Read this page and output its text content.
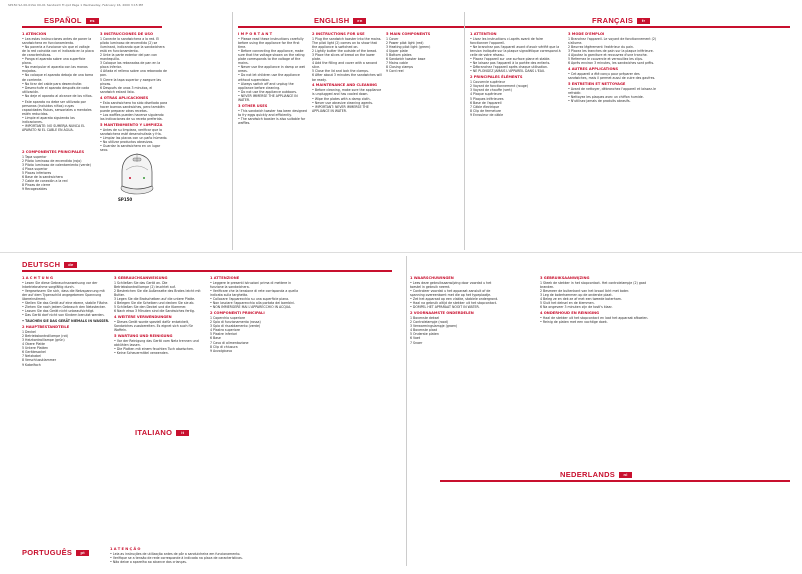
SP150 SA 00-01SA 00-01 Sandwich Fr.qxd Page 1 Wednesday, February 16, 2000 3:15 PM
SP150
ESPAÑOL es
1 ATENCION

• Lea estas instrucciones antes de poner la sandwichera en funcionamiento.
• No ponerla a funcionar sin que el voltaje de la red coincida con el indicado en la placa de características.
• Ponga el aparato sobre una superficie plana.
• No manipular el aparato con las manos mojadas.
• No coloque el aparato debajo de una toma de corriente.
• No tirar del cable para desenchufar.
• Desenchufe el aparato después de cada utilización.
• No deje el aparato al alcance de los niños.

• Este aparato no debe ser utilizado por personas (incluidos niños) cuyas capacidades físicas, sensoriales o mentales estén reducidas.
• Limpie el aparato siguiendo las indicaciones.
• IMPORTANTE: NO SUMERJA NUNCA EL APARATO NI EL CABLE EN AGUA.

2 COMPONENTES PRINCIPALES

1 Tapa superior
2 Piloto luminoso de encendido (rojo)
3 Piloto luminoso de calentamiento (verde)
4 Placa superior
5 Placas inferiores
6 Base de la sandwichera
7 Cable de conexión a la red
8 Pinzas de cierre
9 Recogecables

3 INSTRUCCIONES DE USO

1 Conecte la sandwichera a la red. El piloto luminoso de encendido (2) se iluminará, indicando que la sandwichera está en funcionamiento.
2 Unte la parte exterior del pan con mantequilla.
3 Coloque las rebanadas de pan en la placa inferior.
4 Añada el relleno sobre una rebanada de pan.
5 Cierre la tapa superior y asegure las pinzas.
6 Después de unos 3 minutos, el sandwich estará listo.

4 OTRAS APLICACIONES

• Esta sandwichera ha sido diseñada para hacer buenos sandwiches, pero también puede preparar otras recetas.
• Los waffles pueden hacerse siguiendo las indicaciones de su receta preferida.

5 MANTENIMIENTO Y LIMPIEZA

• Antes de su limpieza, verificar que la sandwichera esté desenchufada y fría.
• Limpiar las placas con un paño húmedo.
• No utilizar productos abrasivos.
• Guardar la sandwichera en un lugar seco.

ENGLISH en
I M P O R T A N T

• Please read these instructions carefully before using the appliance for the first time.
• Before connecting the appliance, make sure that the voltage shown on the rating plate corresponds to the voltage of the mains.
• Never use the appliance in damp or wet areas.
• Do not let children use the appliance without supervision.
• Always switch off and unplug the appliance before cleaning.
• Do not use the appliance outdoors.
• NEVER IMMERSE THE APPLIANCE IN WATER.

3 OTHER USES

• This sandwich toaster has been designed to fry eggs quickly and efficiently.
• The sandwich toaster is also suitable for waffles.

2 INSTRUCTIONS FOR USE

1 Plug the sandwich toaster into the mains. The pilot light (2) comes on to show that the appliance is switched on.
2 Lightly butter the outside of the bread.
3 Place the slices of bread on the lower plate.
4 Add the filling and cover with a second slice.
5 Close the lid and lock the clamps.
6 After about 3 minutes the sandwiches will be ready.

4 MAINTENANCE AND CLEANING

• Before cleaning, make sure the appliance is unplugged and has cooled down.
• Wipe the plates with a damp cloth.
• Never use abrasive cleaning agents.
• IMPORTANT: NEVER IMMERSE THE APPLIANCE IN WATER.

5 MAIN COMPONENTS

1 Cover
2 Power pilot light (red)
3 Heating pilot light (green)
4 Upper plate
5 Bottom plates
6 Sandwich toaster base
7 Mains cable
8 Closing clamps
9 Cord reel

FRANÇAIS fr
1 ATTENTION

• Lisez les instructions ci-après avant de faire fonctionner l'appareil.
• Ne branchez pas l'appareil avant d'avoir vérifié que la tension indiquée sur la plaque signalétique correspond à celle de votre réseau.
• Placez l'appareil sur une surface plane et stable.
• Ne laissez pas l'appareil à la portée des enfants.
• Débranchez l'appareil après chaque utilisation.
• NE PLONGEZ JAMAIS L'APPAREIL DANS L'EAU.

2 PRINCIPALES ÉLÉMENTS

1 Couvercle supérieur
2 Voyant de fonctionnement (rouge)
3 Voyant de chauffe (vert)
4 Plaque supérieure
5 Plaques inférieures
6 Base de l'appareil
7 Câble électrique
8 Clip de fermeture
9 Enrouleur de câble

3 MODE D'EMPLOI

1 Branchez l'appareil. Le voyant de fonctionnement (2) s'allume.
2 Beurrez légèrement l'extérieur du pain.
3 Placez les tranches de pain sur la plaque inférieure.
4 Ajoutez la garniture et recouvrez d'une tranche.
5 Refermez le couvercle et verrouillez les clips.
6 Après environ 3 minutes, les sandwiches sont prêts.

4 AUTRES APPLICATIONS

• Cet appareil a été conçu pour préparer des sandwiches, mais il permet aussi de cuire des gaufres.

5 ENTRETIEN ET NETTOYAGE

• Avant de nettoyer, débranchez l'appareil et laissez-le refroidir.
• Nettoyez les plaques avec un chiffon humide.
• N'utilisez jamais de produits abrasifs.

DEUTSCH de
1 A C H T U N G

• Lesen Sie diese Gebrauchsanweisung vor der Inbetriebnahme sorgfältig durch.
• Vergewissern Sie sich, dass die Netzspannung mit der auf dem Typenschild angegebenen Spannung übereinstimmt.
• Stellen Sie das Gerät auf eine ebene, stabile Fläche.
• Ziehen Sie nach jedem Gebrauch den Netzstecker.
• Lassen Sie das Gerät nicht unbeaufsichtigt.
• Das Gerät darf nicht von Kindern benutzt werden.

• TAUCHEN SIE DAS GERÄT NIEMALS IN WASSER.

2 HAUPTBESTANDTEILE

1 Deckel
2 Betriebskontrolllampe (rot)
3 Heizkontrolllampe (grün)
4 Obere Platte
5 Untere Platten
6 Gerätesockel
7 Netzkabel
8 Verschlussklammer
9 Kabelfach

3 GEBRAUCHSANWEISUNG

1 Schließen Sie das Gerät an. Die Betriebskontrolllampe (2) leuchtet auf.
2 Bestreichen Sie die Außenseite des Brotes leicht mit Butter.
3 Legen Sie die Brotscheiben auf die untere Platte.
4 Belegen Sie die Scheiben und decken Sie sie ab.
5 Schließen Sie den Deckel und die Klammer.
6 Nach etwa 3 Minuten sind die Sandwiches fertig.

4 WEITERE VERWENDUNGEN

• Dieses Gerät wurde speziell dafür entwickelt, Sandwiches zuzubereiten. Es eignet sich auch für Waffeln.

5 WARTUNG UND REINIGUNG

• Vor der Reinigung das Gerät vom Netz trennen und abkühlen lassen.
• Die Platten mit einem feuchten Tuch abwischen.
• Keine Scheuermittel verwenden.

ITALIANO it
1 ATTENZIONE

• Leggere le presenti istruzioni prima di mettere in funzione la sandwichera.
• Verificare che la tensione di rete corrisponda a quella indicata sulla targhetta.
• Collocare l'apparecchio su una superficie piana.
• Non lasciare l'apparecchio alla portata dei bambini.
• NON IMMERGERE MAI L'APPARECCHIO IN ACQUA.

2 COMPONENTI PRINCIPALI

1 Coperchio superiore
2 Spia di funzionamento (rossa)
3 Spia di riscaldamento (verde)
4 Piastra superiore
5 Piastre inferiori
6 Base
7 Cavo di alimentazione
8 Clip di chiusura
9 Avvolgicavo

NEDERLANDS nl
1 WAARSCHUWINGEN

• Lees deze gebruiksaanwijzing door voordat u het toestel in gebruik neemt.
• Controleer voordat u het apparaat aansluit of de spanning overeenkomt met die op het typeplaatje.
• Zet het apparaat op een vlakke, stabiele ondergrond.
• Haal na gebruik altijd de stekker uit het stopcontact.
• DOMPEL HET APPARAAT NOOIT IN WATER.

2 VOORNAAMSTE ONDERDELEN

1 Bovenste deksel
2 Controlelampje (rood)
3 Verwarmingslampje (groen)
4 Bovenste plaat
5 Onderste platen
6 Voet
7 Snoer

3 GEBRUIKSAANWIJZING

1 Steek de stekker in het stopcontact. Het controlelampje (2) gaat branden.
2 Besmeer de buitenkant van het brood licht met boter.
3 Leg de boterhammen op de onderste plaat.
4 Beleg ze en dek ze af met een tweede boterham.
5 Sluit het deksel en de klemmen.
6 Na ongeveer 3 minuten zijn de tosti's klaar.

4 ONDERHOUD EN REINIGING

• Haal de stekker uit het stopcontact en laat het apparaat afkoelen.
• Reinig de platen met een vochtige doek.

PORTUGUÊS pt
1 A T E N Ç Ã O

• Leia as instruções de utilização antes de pôr a sanduicheira em funcionamento.
• Verifique se a tensão de rede corresponde à indicada na placa de características.
• Não deixe o aparelho ao alcance das crianças.
